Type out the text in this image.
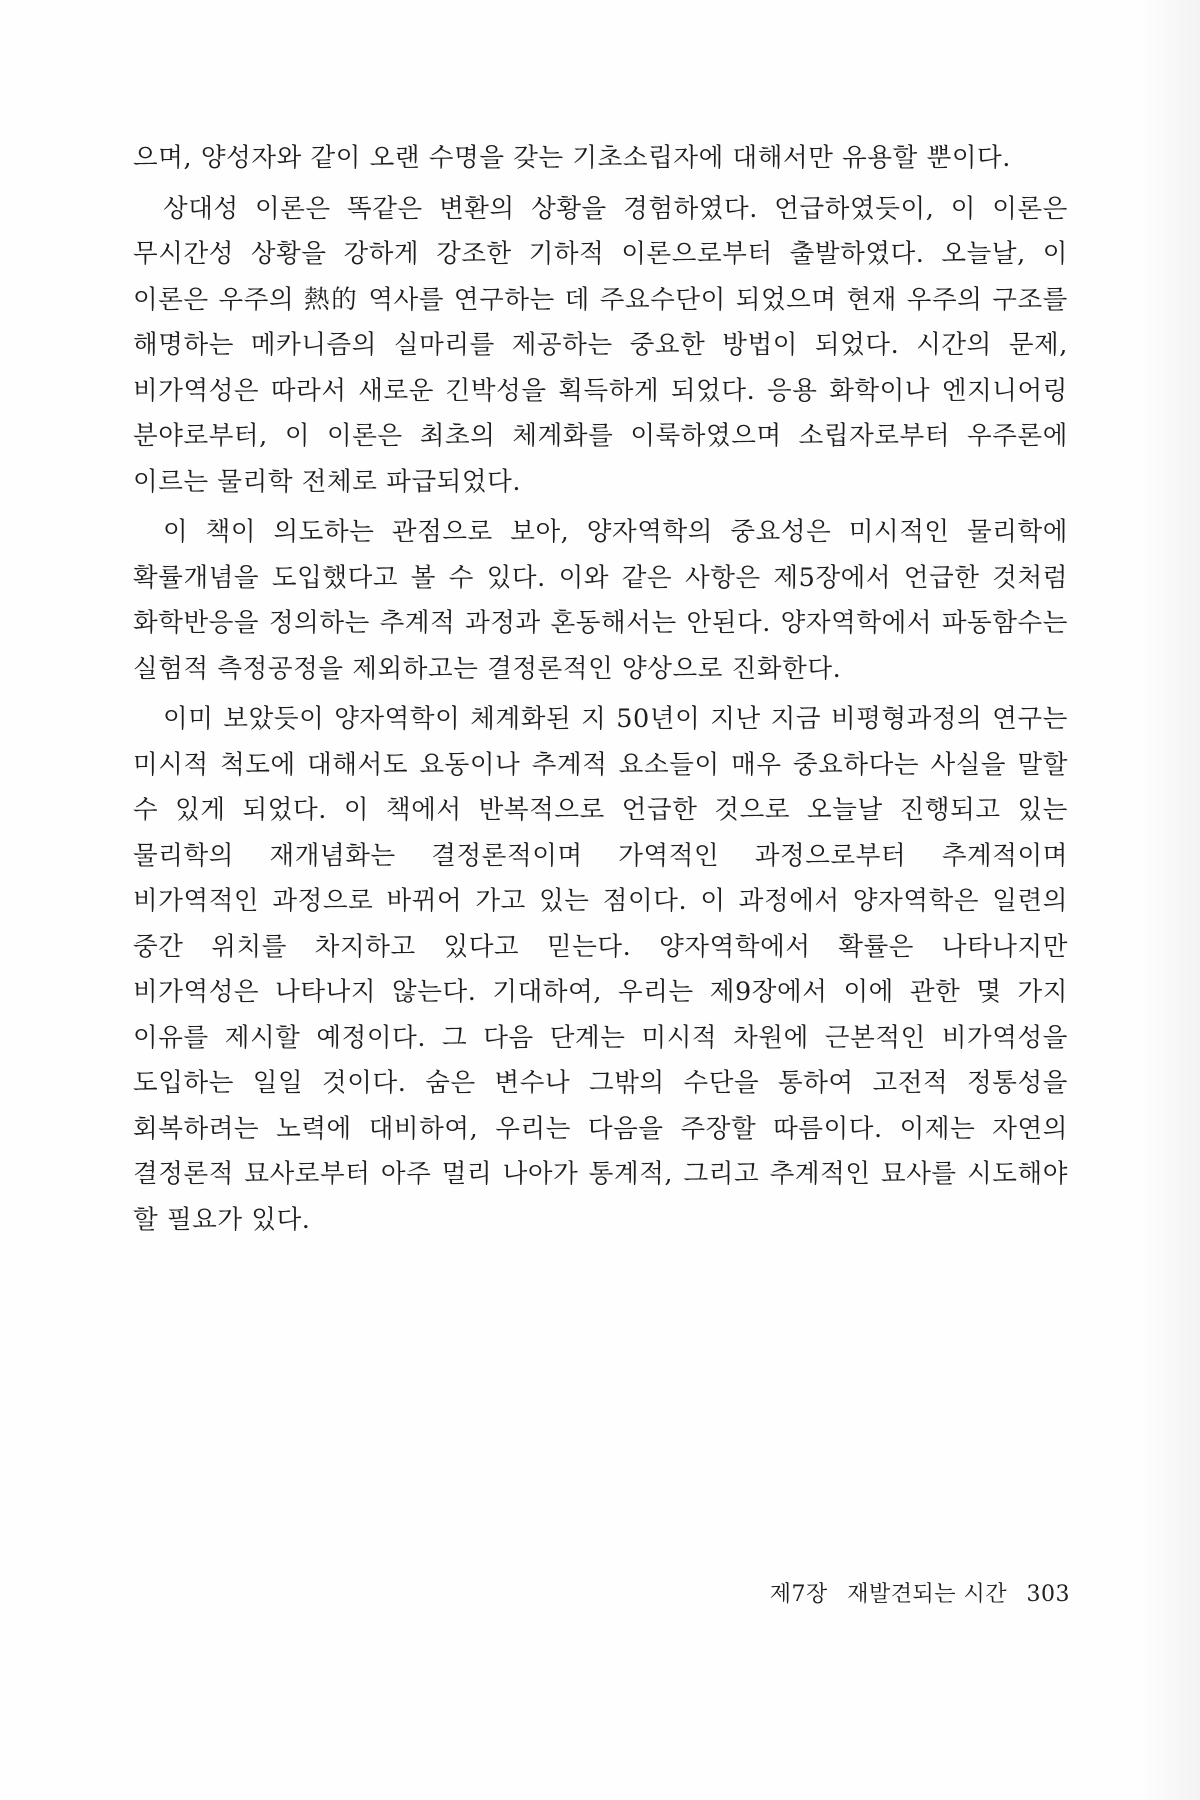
으며, 양성자와 같이 오랜 수명을 갖는 기초소립자에 대해서만 유용할 뿐이다.

상대성 이론은 똑같은 변환의 상황을 경험하였다. 언급하였듯이, 이 이론은 무시간성 상황을 강하게 강조한 기하적 이론으로부터 출발하였다. 오늘날, 이 이론은 우주의 熱的 역사를 연구하는 데 주요수단이 되었으며 현재 우주의 구조를 해명하는 메카니즘의 실마리를 제공하는 중요한 방법이 되었다. 시간의 문제, 비가역성은 따라서 새로운 긴박성을 획득하게 되었다. 응용 화학이나 엔지니어링 분야로부터, 이 이론은 최초의 체계화를 이룩하였으며 소립자로부터 우주론에 이르는 물리학 전체로 파급되었다.

이 책이 의도하는 관점으로 보아, 양자역학의 중요성은 미시적인 물리학에 확률개념을 도입했다고 볼 수 있다. 이와 같은 사항은 제5장에서 언급한 것처럼 화학반응을 정의하는 추계적 과정과 혼동해서는 안된다. 양자역학에서 파동함수는 실험적 측정공정을 제외하고는 결정론적인 양상으로 진화한다.

이미 보았듯이 양자역학이 체계화된 지 50년이 지난 지금 비평형과정의 연구는 미시적 척도에 대해서도 요동이나 추계적 요소들이 매우 중요하다는 사실을 말할 수 있게 되었다. 이 책에서 반복적으로 언급한 것으로 오늘날 진행되고 있는 물리학의 재개념화는 결정론적이며 가역적인 과정으로부터 추계적이며 비가역적인 과정으로 바뀌어 가고 있는 점이다. 이 과정에서 양자역학은 일련의 중간 위치를 차지하고 있다고 믿는다. 양자역학에서 확률은 나타나지만 비가역성은 나타나지 않는다. 기대하여, 우리는 제9장에서 이에 관한 몇 가지 이유를 제시할 예정이다. 그 다음 단계는 미시적 차원에 근본적인 비가역성을 도입하는 일일 것이다. 숨은 변수나 그밖의 수단을 통하여 고전적 정통성을 회복하려는 노력에 대비하여, 우리는 다음을 주장할 따름이다. 이제는 자연의 결정론적 묘사로부터 아주 멀리 나아가 통계적, 그리고 추계적인 묘사를 시도해야 할 필요가 있다.

제7장 재발견되는 시간 303
